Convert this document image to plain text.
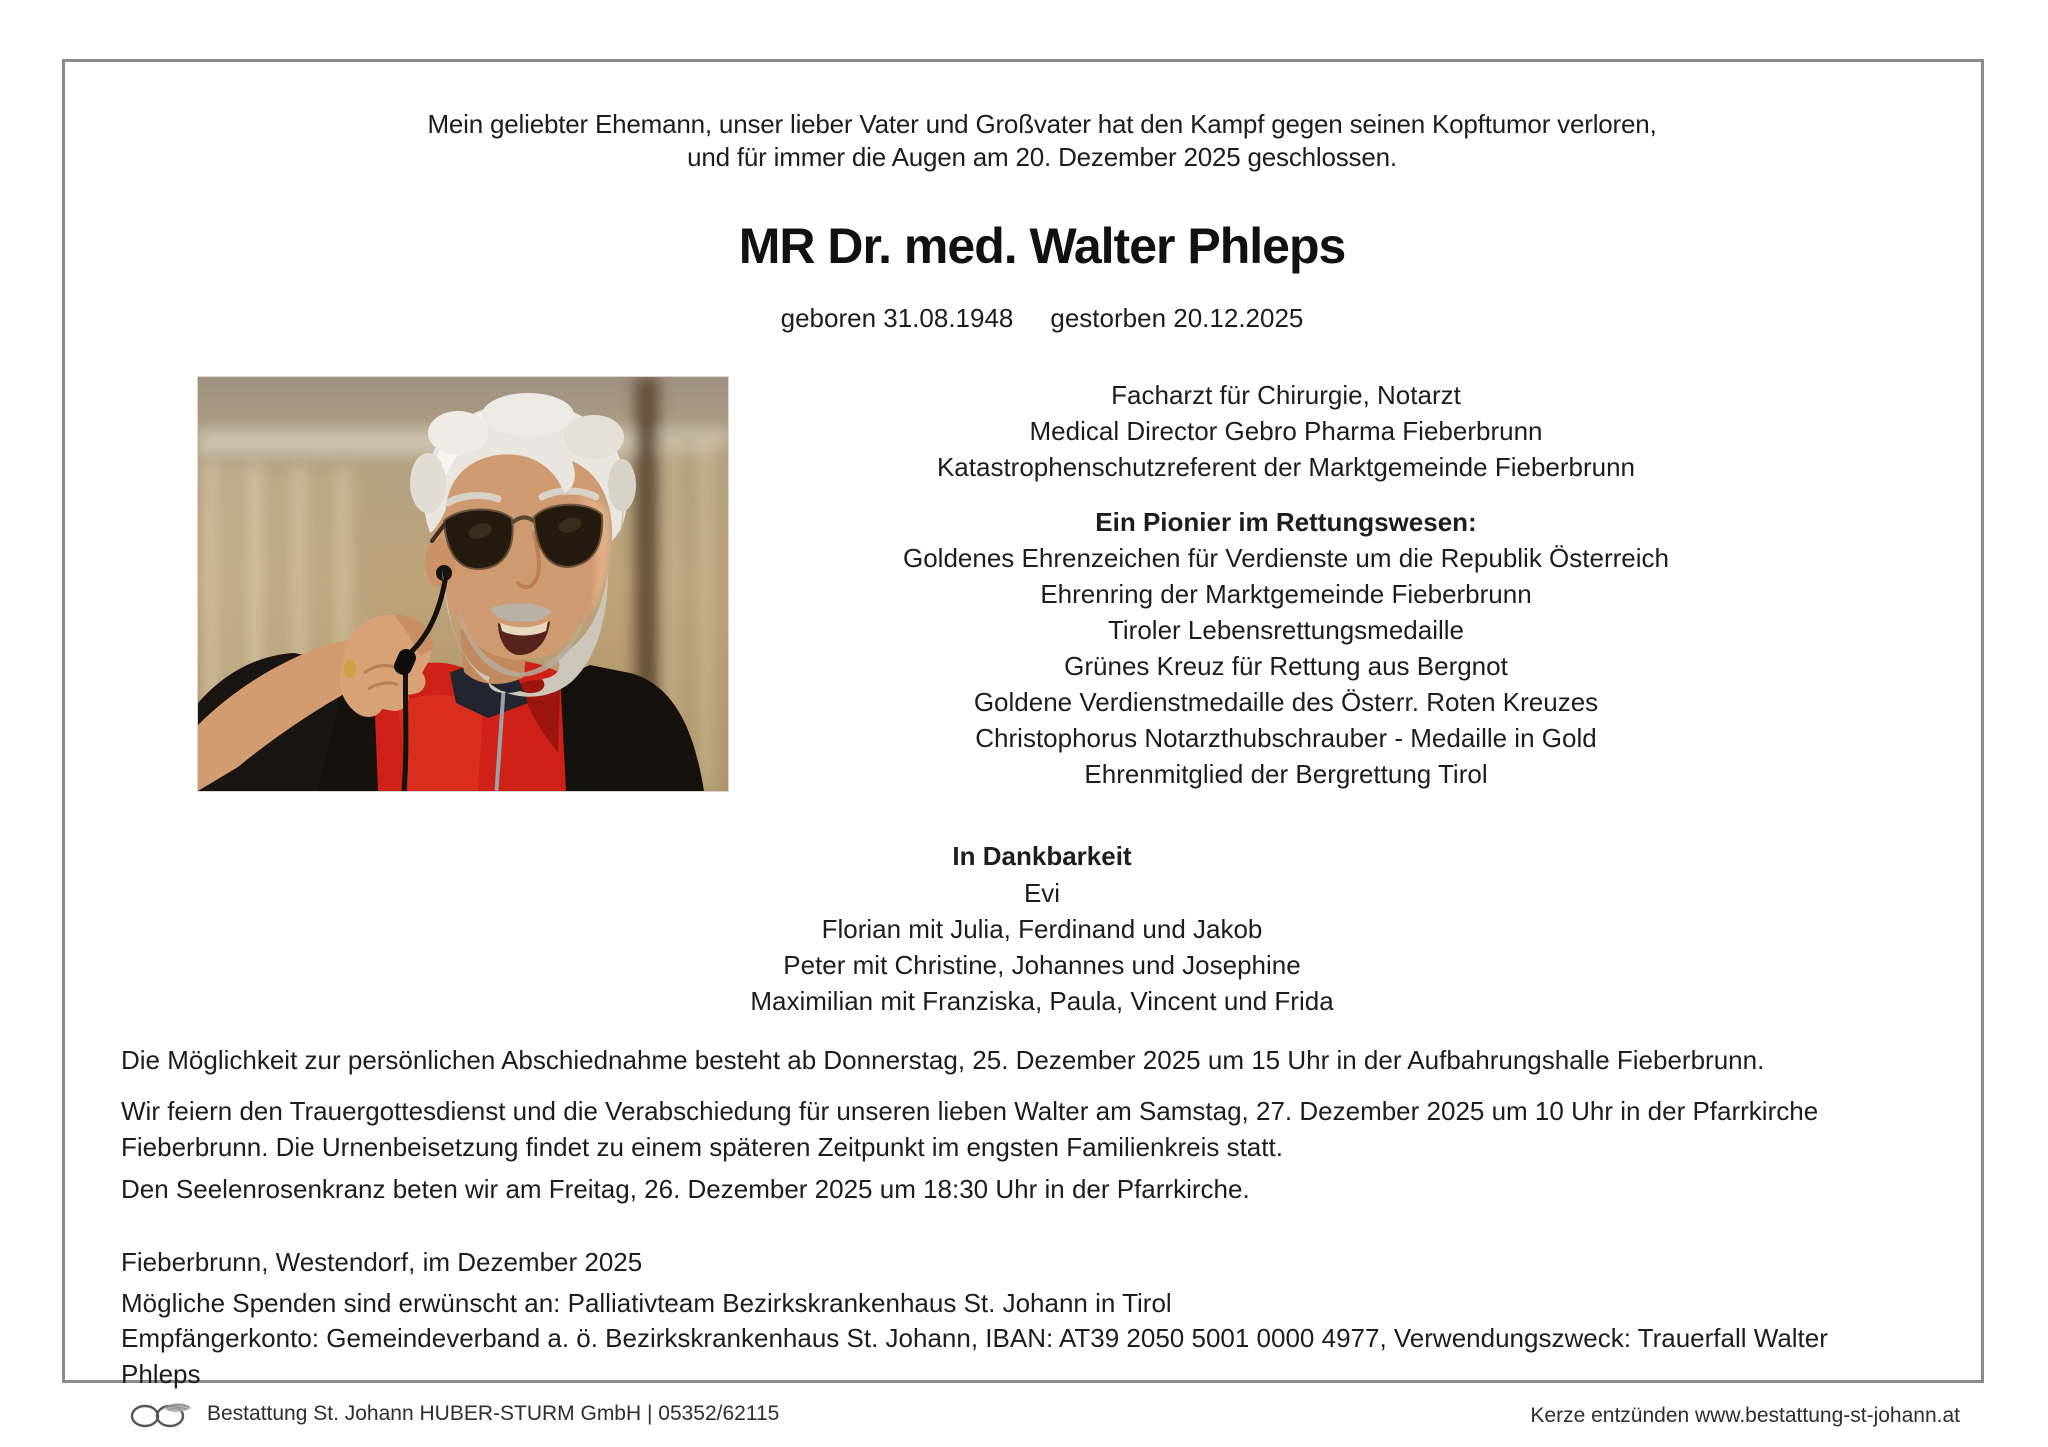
Mein geliebter Ehemann, unser lieber Vater und Großvater hat den Kampf gegen seinen Kopftumor verloren,
und für immer die Augen am 20. Dezember 2025 geschlossen.
MR Dr. med. Walter Phleps
geboren 31.08.1948 gestorben 20.12.2025
Facharzt für Chirurgie, Notarzt
Medical Director Gebro Pharma Fieberbrunn
Katastrophenschutzreferent der Marktgemeinde Fieberbrunn
Ein Pionier im Rettungswesen:
Goldenes Ehrenzeichen für Verdienste um die Republik Österreich
Ehrenring der Marktgemeinde Fieberbrunn
Tiroler Lebensrettungsmedaille
Grünes Kreuz für Rettung aus Bergnot
Goldene Verdienstmedaille des Österr. Roten Kreuzes
Christophorus Notarzthubschrauber - Medaille in Gold
Ehrenmitglied der Bergrettung Tirol
In Dankbarkeit
Evi
Florian mit Julia, Ferdinand und Jakob
Peter mit Christine, Johannes und Josephine
Maximilian mit Franziska, Paula, Vincent und Frida
Die Möglichkeit zur persönlichen Abschiednahme besteht ab Donnerstag, 25. Dezember 2025 um 15 Uhr in der Aufbahrungshalle Fieberbrunn.
Wir feiern den Trauergottesdienst und die Verabschiedung für unseren lieben Walter am Samstag, 27. Dezember 2025 um 10 Uhr in der Pfarrkirche Fieberbrunn. Die Urnenbeisetzung findet zu einem späteren Zeitpunkt im engsten Familienkreis statt.
Den Seelenrosenkranz beten wir am Freitag, 26. Dezember 2025 um 18:30 Uhr in der Pfarrkirche.
Fieberbrunn, Westendorf, im Dezember 2025
Mögliche Spenden sind erwünscht an: Palliativteam Bezirkskrankenhaus St. Johann in Tirol
Empfängerkonto: Gemeindeverband a. ö. Bezirkskrankenhaus St. Johann, IBAN: AT39 2050 5001 0000 4977, Verwendungszweck: Trauerfall Walter Phleps
Bestattung St. Johann HUBER-STURM GmbH | 05352/62115	Kerze entzünden www.bestattung-st-johann.at
